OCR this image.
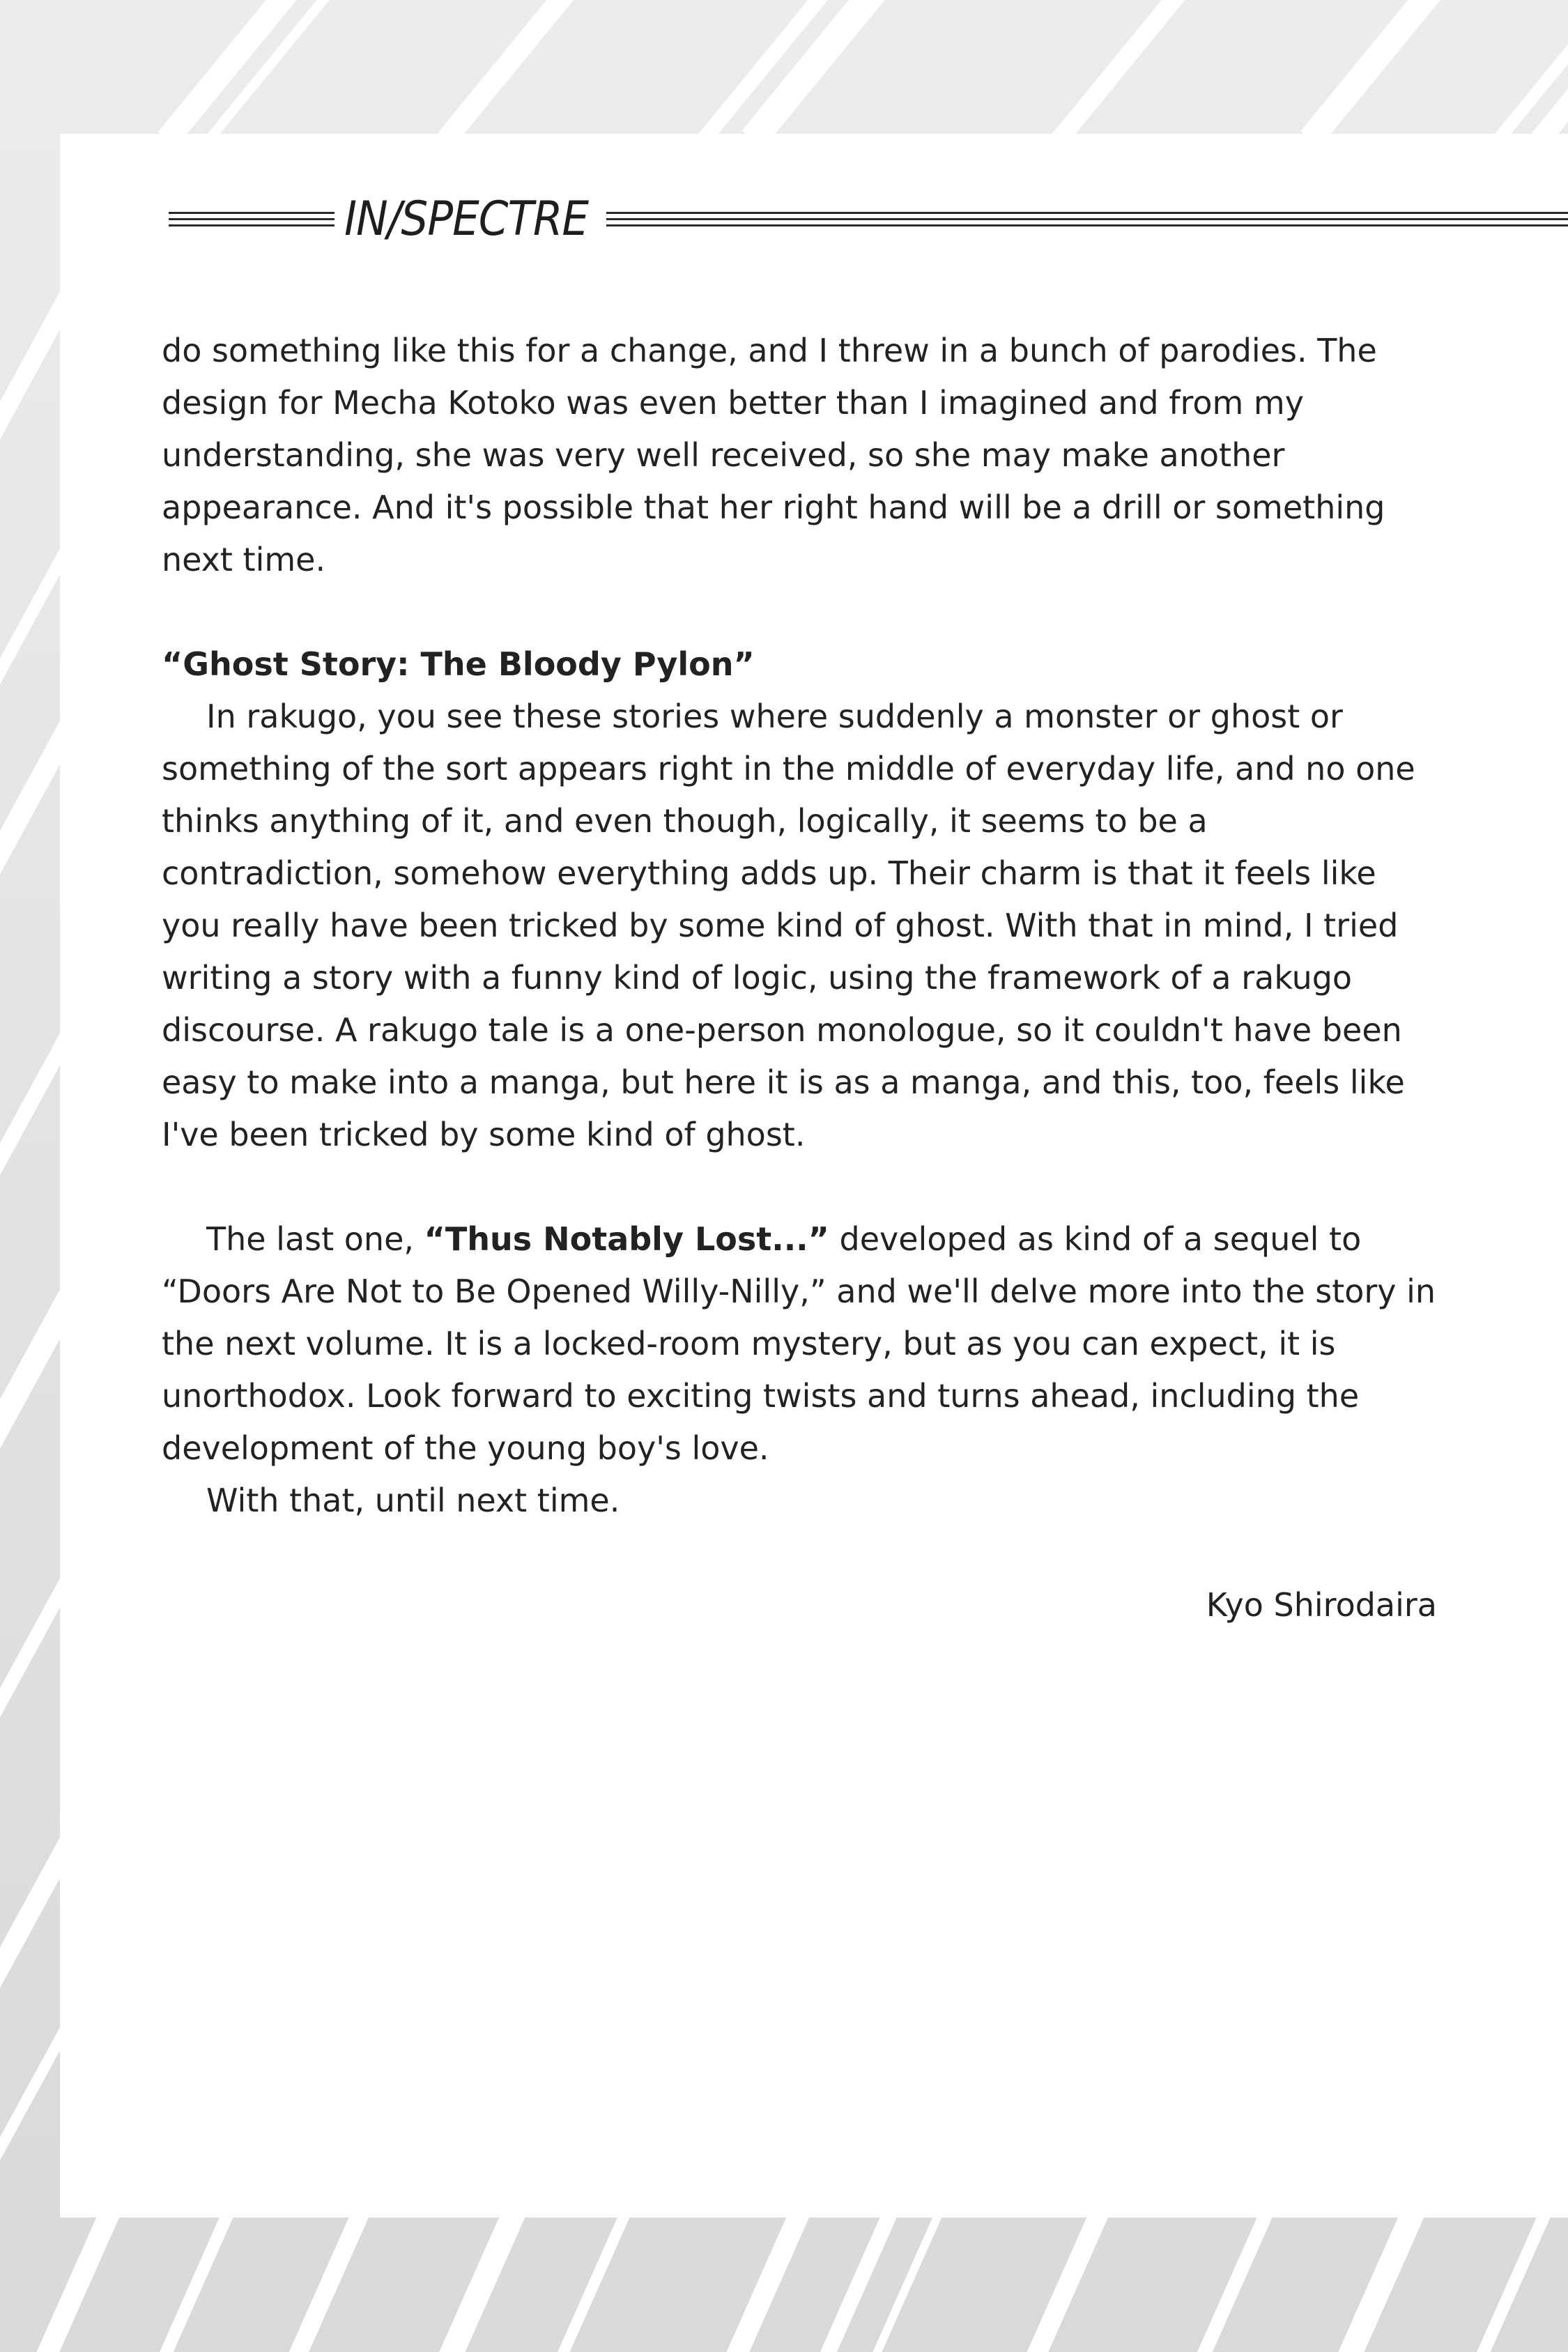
IN/SPECTRE

do something like this for a change, and I threw in a bunch of parodies. The design for Mecha Kotoko was even better than I imagined and from my understanding, she was very well received, so she may make another appearance. And it's possible that her right hand will be a drill or something next time.

“Ghost Story: The Bloody Pylon”

In rakugo, you see these stories where suddenly a monster or ghost or something of the sort appears right in the middle of everyday life, and no one thinks anything of it, and even though, logically, it seems to be a contradiction, somehow everything adds up. Their charm is that it feels like you really have been tricked by some kind of ghost. With that in mind, I tried writing a story with a funny kind of logic, using the framework of a rakugo discourse. A rakugo tale is a one-person monologue, so it couldn't have been easy to make into a manga, but here it is as a manga, and this, too, feels like I've been tricked by some kind of ghost.

The last one, “Thus Notably Lost...” developed as kind of a sequel to “Doors Are Not to Be Opened Willy-Nilly,” and we'll delve more into the story in the next volume. It is a locked-room mystery, but as you can expect, it is unorthodox. Look forward to exciting twists and turns ahead, including the development of the young boy's love.

With that, until next time.

Kyo Shirodaira
